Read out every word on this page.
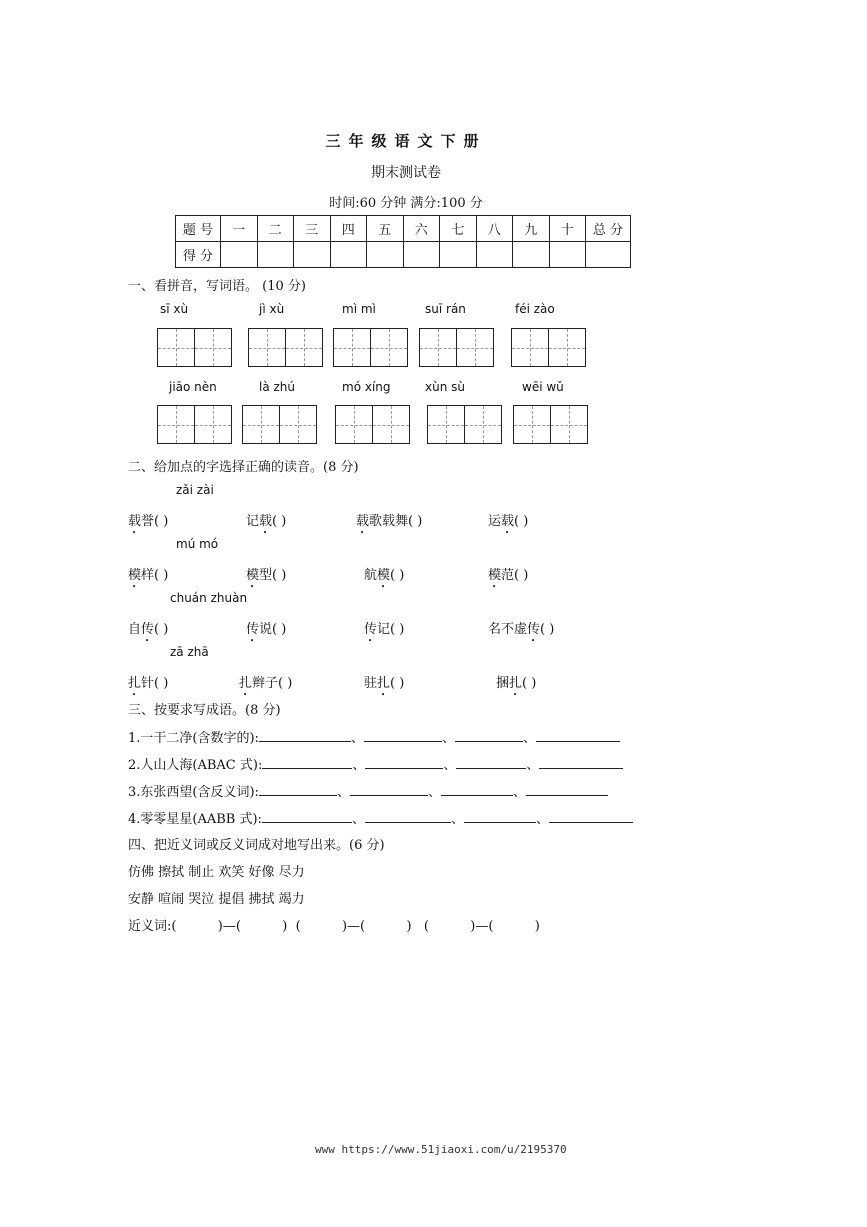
三年级语文下册
期末测试卷
时间:60 分钟 满分:100 分
题 号	一	二	三	四	五	六	七	八	九	十	总 分
得 分											
一、看拼音，写词语。 (10 分)
sī xù	jì xù	mì mì	suī rán	féi zào
jiāo nèn	là zhú	mó xíng	xùn sù	wēi wǔ
二、给加点的字选择正确的读音。(8 分)
zǎi zài
载誉( )	记载( )	载歌载舞( )	运载( )
mú mó
模样( )	模型( )	航模( )	模范( )
chuán zhuàn
自传( )	传说( )	传记( )	名不虚传( )
zā zhā
扎针( )	扎辫子( )	驻扎( )	捆扎( )
三、按要求写成语。(8 分)
1.一干二净(含数字的):	、	、	、
2.人山人海(ABAC 式):	、	、	、
3.东张西望(含反义词):	、	、	、
4.零零星星(AABB 式):	、	、	、
四、把近义词或反义词成对地写出来。(6 分)
仿佛 擦拭 制止 欢笑 好像 尽力
安静 喧闹 哭泣 提倡 拂拭 竭力
近义词:(          )—(          )  (          )—(          )   (          )—(          )
www https://www.51jiaoxi.com/u/2195370
